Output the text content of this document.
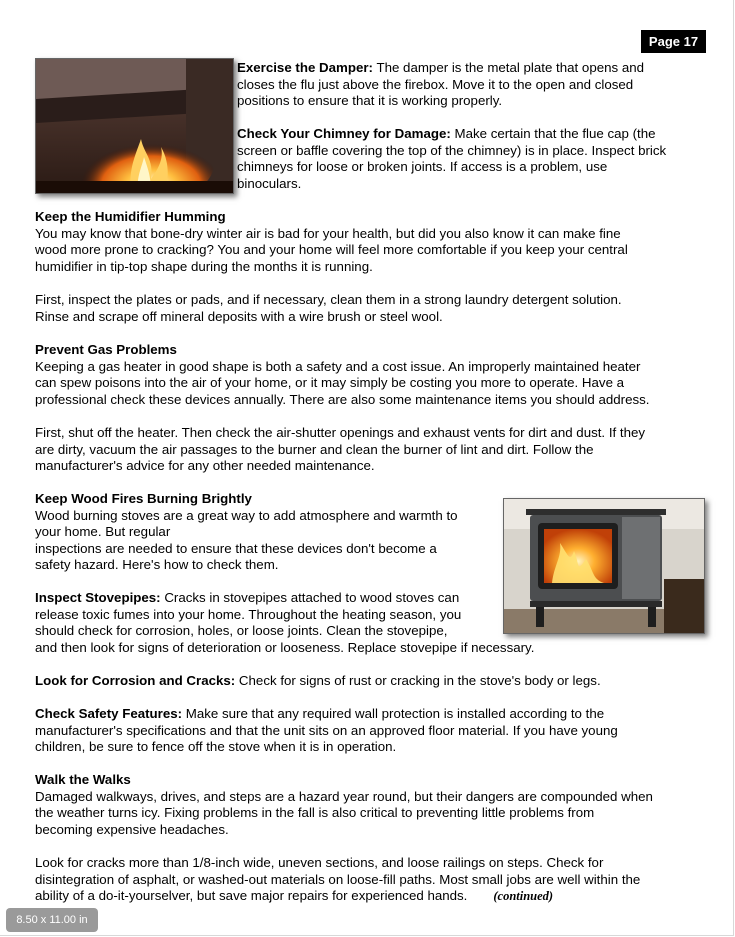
Page 17
Exercise the Damper: The damper is the metal plate that opens and
closes the flu just above the firebox. Move it to the open and closed
positions to ensure that it is working properly.
Check Your Chimney for Damage: Make certain that the flue cap (the
screen or baffle covering the top of the chimney) is in place. Inspect brick
chimneys for loose or broken joints. If access is a problem, use
binoculars.
Keep the Humidifier Humming
You may know that bone-dry winter air is bad for your health, but did you also know it can make fine
wood more prone to cracking? You and your home will feel more comfortable if you keep your central
humidifier in tip-top shape during the months it is running.
First, inspect the plates or pads, and if necessary, clean them in a strong laundry detergent solution.
Rinse and scrape off mineral deposits with a wire brush or steel wool.
Prevent Gas Problems
Keeping a gas heater in good shape is both a safety and a cost issue. An improperly maintained heater
can spew poisons into the air of your home, or it may simply be costing you more to operate. Have a
professional check these devices annually. There are also some maintenance items you should address.
First, shut off the heater. Then check the air-shutter openings and exhaust vents for dirt and dust. If they
are dirty, vacuum the air passages to the burner and clean the burner of lint and dirt. Follow the
manufacturer's advice for any other needed maintenance.
Keep Wood Fires Burning Brightly
Wood burning stoves are a great way to add atmosphere and warmth to
your home. But regular
inspections are needed to ensure that these devices don't become a
safety hazard. Here's how to check them.
Inspect Stovepipes: Cracks in stovepipes attached to wood stoves can
release toxic fumes into your home. Throughout the heating season, you
should check for corrosion, holes, or loose joints. Clean the stovepipe,
and then look for signs of deterioration or looseness. Replace stovepipe if necessary.
Look for Corrosion and Cracks: Check for signs of rust or cracking in the stove's body or legs.
Check Safety Features: Make sure that any required wall protection is installed according to the
manufacturer's specifications and that the unit sits on an approved floor material. If you have young
children, be sure to fence off the stove when it is in operation.
Walk the Walks
Damaged walkways, drives, and steps are a hazard year round, but their dangers are compounded when
the weather turns icy. Fixing problems in the fall is also critical to preventing little problems from
becoming expensive headaches.
Look for cracks more than 1/8-inch wide, uneven sections, and loose railings on steps. Check for
disintegration of asphalt, or washed-out materials on loose-fill paths. Most small jobs are well within the
ability of a do-it-yourselver, but save major repairs for experienced hands. (continued)
8.50 x 11.00 in
